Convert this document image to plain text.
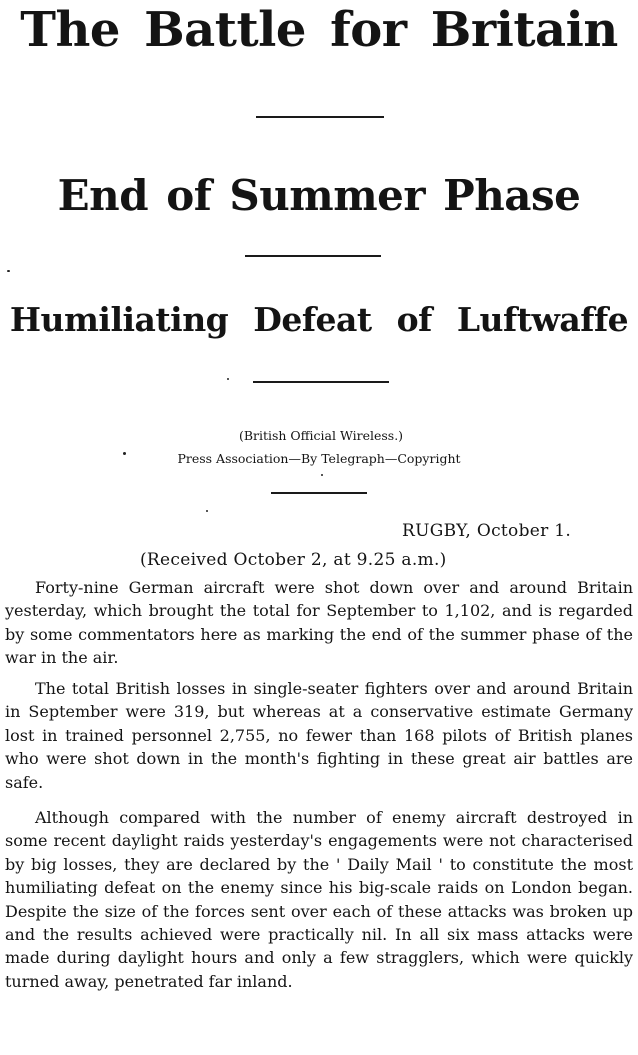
The Battle for Britain
End of Summer Phase
Humiliating Defeat of Luftwaffe
(British Official Wireless.)
Press Association—By Telegraph—Copyright
RUGBY, October 1.
(Received October 2, at 9.25 a.m.)

Forty-nine German aircraft were shot down over and around Britain yesterday, which brought the total for September to 1,102, and is regarded by some commentators here as marking the end of the summer phase of the war in the air.

The total British losses in single-seater fighters over and around Britain in September were 319, but whereas at a conservative estimate Germany lost in trained personnel 2,755, no fewer than 168 pilots of British planes who were shot down in the month's fighting in these great air battles are safe.

Although compared with the number of enemy aircraft destroyed in some recent daylight raids yesterday's engagements were not characterised by big losses, they are declared by the ' Daily Mail ' to constitute the most humiliating defeat on the enemy since his big-scale raids on London began. Despite the size of the forces sent over each of these attacks was broken up and the results achieved were practically nil. In all six mass attacks were made during daylight hours and only a few stragglers, which were quickly turned away, penetrated far inland.
